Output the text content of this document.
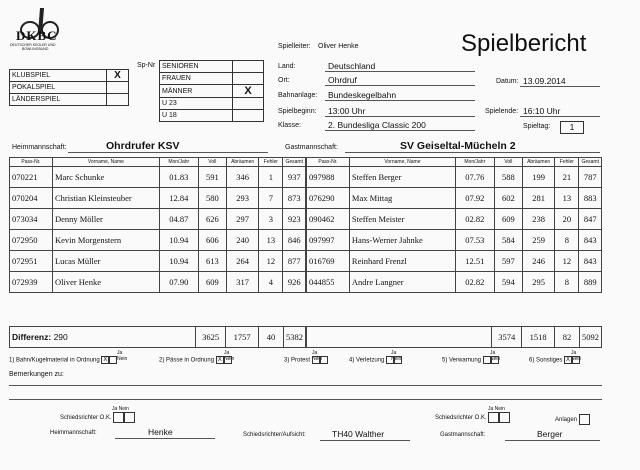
DKBC
DEUTSCHER KEGLER UND
BOWLINGBUND	Spielbericht
KLUBSPIEL	X
POKALSPIEL	
LÄNDERSPIEL	
Sp-Nr SENIOREN	
FRAUEN	
MÄNNER	X
U 23	
U 18	
Spielleiter: Oliver Henke
Land:	Deutschland
Ort:	Ohrdruf	Datum: 13.09.2014
Bahnanlage: Bundeskegelbahn
Spielbeginn: 13:00 Uhr	Spielende: 16:10 Uhr
Klasse:	2. Bundesliga Classic 200	Spieltag:	1
Heimmannschaft:	Ohrdrufer KSV	Gastmannschaft:	SV Geiseltal-Mücheln 2
Pass-Nr.	Vorname, Name	Mon/Jahr	Voll	Abräumen	Fehler	Gesamt
070221	Marc Schunke	01.83	591	346	1	937
070204	Christian Kleinsteuber	12.84	580	293	7	873
073034	Denny Möller	04.87	626	297	3	923
072950	Kevin Morgenstern	10.94	606	240	13	846
072951	Lucas Müller	10.94	613	264	12	877
072939	Oliver Henke	07.90	609	317	4	926
Pass-Nr.	Vorname, Name	Mon/Jahr	Voll	Abräumen	Fehler	Gesamt
097988	Steffen Berger	07.76	588	199	21	787
076290	Max Mittag	07.92	602	281	13	883
090462	Steffen Meister	02.82	609	238	20	847
097997	Hans-Werner Jahnke	07.53	584	259	8	843
016769	Reinhard Frenzl	12.51	597	246	12	843
044855	Andre Langner	02.82	594	295	8	889
Differenz: 290	3625	1757	40	5382
		3574	1518	82	5092
Ja Nein
1) Bahn/Kugelmaterial in Ordnung X
Ja Nein
2) Pässe in Ordnung X
Ja Nein
3) Protest
Ja Nein
4) Verletzung
Ja Nein
5) Verwarnung
Ja Nein
6) Sonstiges X
Bemerkungen zu:
Ja Nein
Schiedsrichter O.K.
Ja Nein
Schiedsrichter O.K.	Anlagen
Heimmannschaft:	Henke	Schiedsrichter/Aufsicht:	TH40 Walther	Gastmannschaft:	Berger
